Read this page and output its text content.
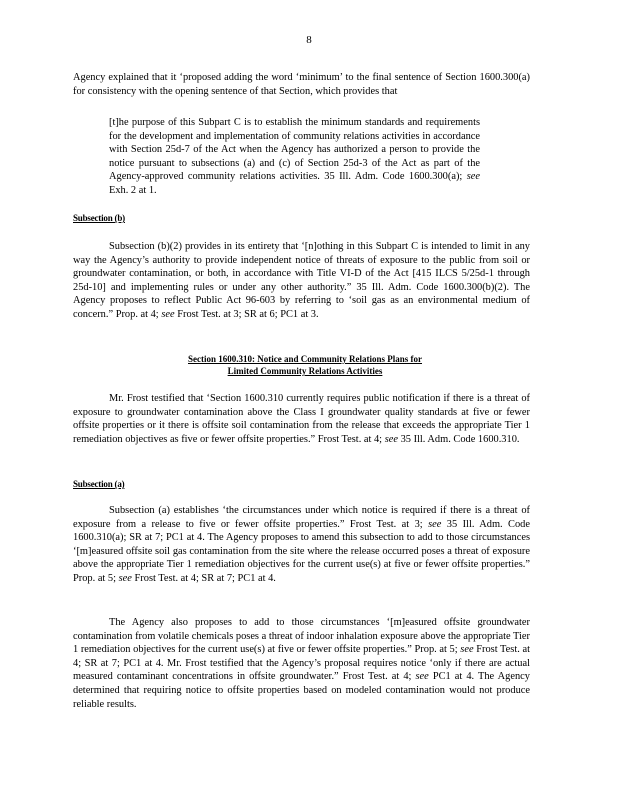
8

Agency explained that it ‘proposed adding the word ‘minimum’ to the final sentence of Section 1600.300(a) for consistency with the opening sentence of that Section, which provides that

[t]he purpose of this Subpart C is to establish the minimum standards and requirements for the development and implementation of community relations activities in accordance with Section 25d-7 of the Act when the Agency has authorized a person to provide the notice pursuant to subsections (a) and (c) of Section 25d-3 of the Act as part of the Agency-approved community relations activities. 35 Ill. Adm. Code 1600.300(a); see Exh. 2 at 1.

Subsection (b)

Subsection (b)(2) provides in its entirety that ‘[n]othing in this Subpart C is intended to limit in any way the Agency’s authority to provide independent notice of threats of exposure to the public from soil or groundwater contamination, or both, in accordance with Title VI-D of the Act [415 ILCS 5/25d-1 through 25d-10] and implementing rules or under any other authority.” 35 Ill. Adm. Code 1600.300(b)(2). The Agency proposes to reflect Public Act 96-603 by referring to ‘soil gas as an environmental medium of concern.” Prop. at 4; see Frost Test. at 3; SR at 6; PC1 at 3.

Section 1600.310: Notice and Community Relations Plans for
Limited Community Relations Activities

Mr. Frost testified that ‘Section 1600.310 currently requires public notification if there is a threat of exposure to groundwater contamination above the Class I groundwater quality standards at five or fewer offsite properties or it there is offsite soil contamination from the release that exceeds the appropriate Tier 1 remediation objectives as five or fewer offsite properties.” Frost Test. at 4; see 35 Ill. Adm. Code 1600.310.

Subsection (a)

Subsection (a) establishes ‘the circumstances under which notice is required if there is a threat of exposure from a release to five or fewer offsite properties.” Frost Test. at 3; see 35 Ill. Adm. Code 1600.310(a); SR at 7; PC1 at 4. The Agency proposes to amend this subsection to add to those circumstances ‘[m]easured offsite soil gas contamination from the site where the release occurred poses a threat of exposure above the appropriate Tier 1 remediation objectives for the current use(s) at five or fewer offsite properties.” Prop. at 5; see Frost Test. at 4; SR at 7; PC1 at 4.

The Agency also proposes to add to those circumstances ‘[m]easured offsite groundwater contamination from volatile chemicals poses a threat of indoor inhalation exposure above the appropriate Tier 1 remediation objectives for the current use(s) at five or fewer offsite properties.” Prop. at 5; see Frost Test. at 4; SR at 7; PC1 at 4. Mr. Frost testified that the Agency’s proposal requires notice ‘only if there are actual measured contaminant concentrations in offsite groundwater.” Frost Test. at 4; see PC1 at 4. The Agency determined that requiring notice to offsite properties based on modeled contamination would not produce reliable results.
